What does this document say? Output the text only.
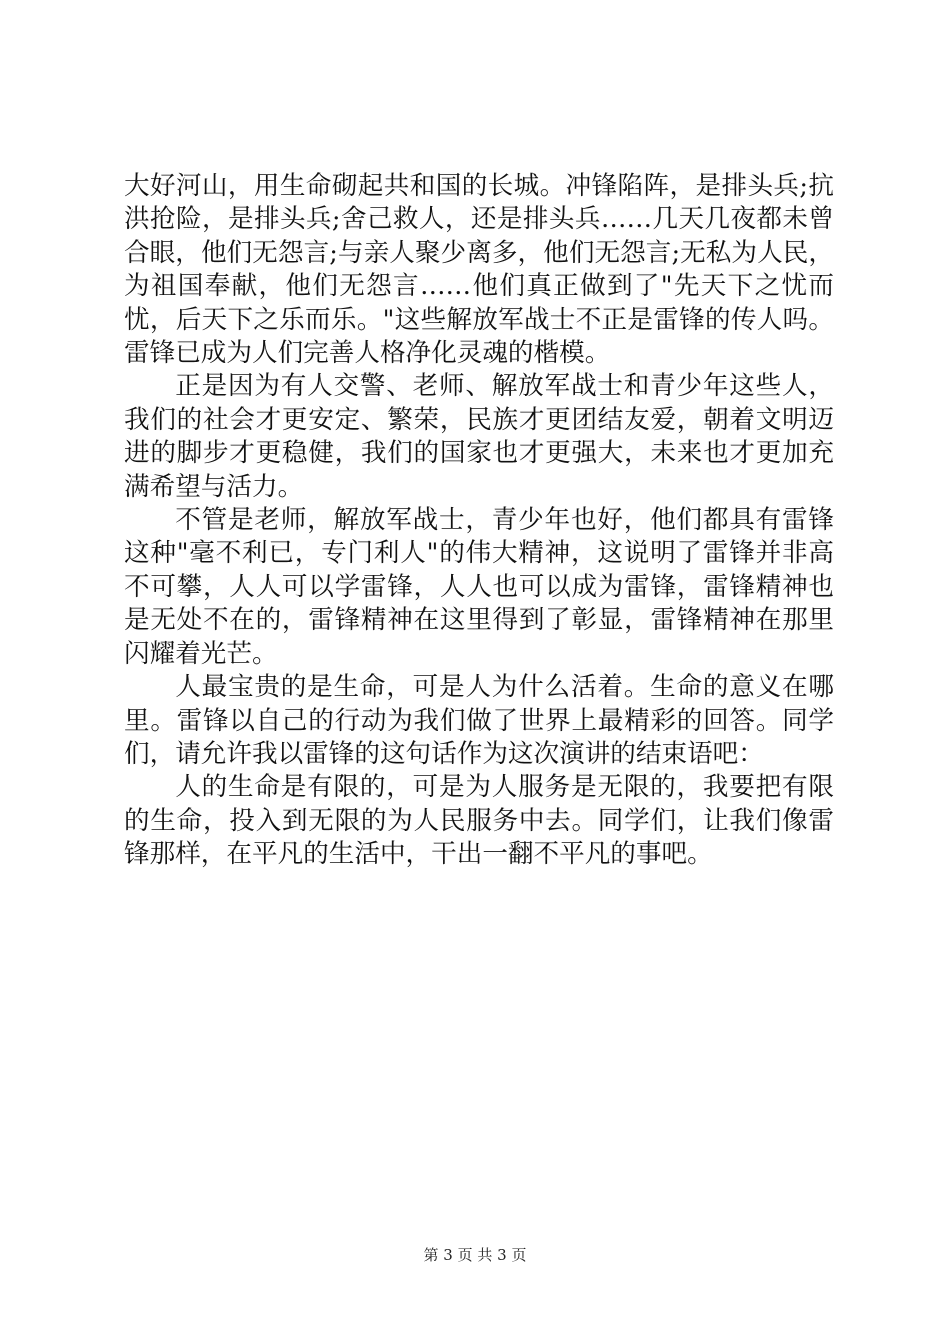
大好河山，用生命砌起共和国的长城。冲锋陷阵，是排头兵;抗洪抢险，是排头兵;舍己救人，还是排头兵……几天几夜都未曾合眼，他们无怨言;与亲人聚少离多，他们无怨言;无私为人民，为祖国奉献，他们无怨言……他们真正做到了"先天下之忧而忧，后天下之乐而乐。"这些解放军战士不正是雷锋的传人吗。雷锋已成为人们完善人格净化灵魂的楷模。

正是因为有人交警、老师、解放军战士和青少年这些人，我们的社会才更安定、繁荣，民族才更团结友爱，朝着文明迈进的脚步才更稳健，我们的国家也才更强大，未来也才更加充满希望与活力。

不管是老师，解放军战士，青少年也好，他们都具有雷锋这种"毫不利已，专门利人"的伟大精神，这说明了雷锋并非高不可攀，人人可以学雷锋，人人也可以成为雷锋，雷锋精神也是无处不在的，雷锋精神在这里得到了彰显，雷锋精神在那里闪耀着光芒。

人最宝贵的是生命，可是人为什么活着。生命的意义在哪里。雷锋以自己的行动为我们做了世界上最精彩的回答。同学们，请允许我以雷锋的这句话作为这次演讲的结束语吧：

人的生命是有限的，可是为人服务是无限的，我要把有限的生命，投入到无限的为人民服务中去。同学们，让我们像雷锋那样，在平凡的生活中，干出一翻不平凡的事吧。

第 3 页 共 3 页
